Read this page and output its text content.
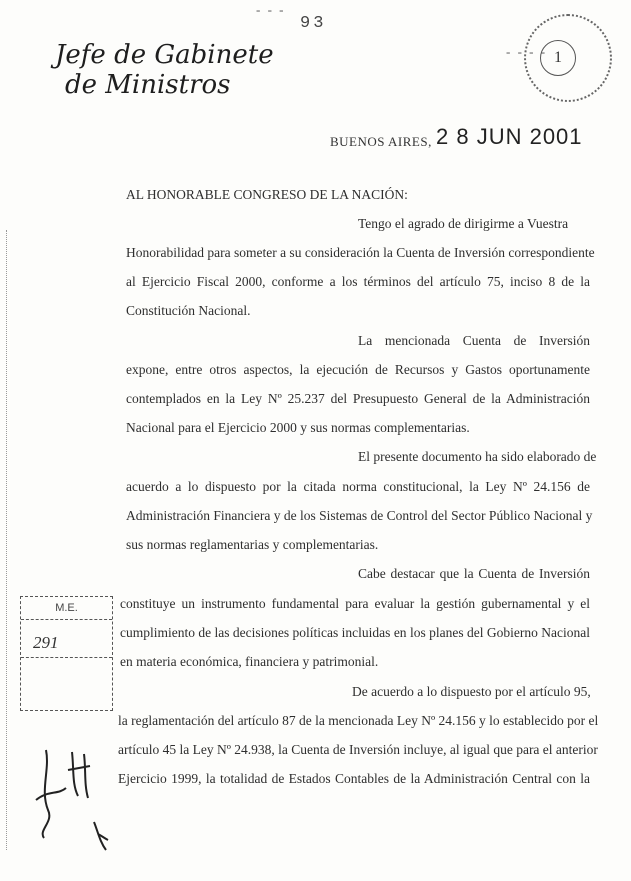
- - -
93
Jefe de Gabinete
de Ministros
- - - - 1
BUENOS AIRES, 2 8 JUN 2001
AL HONORABLE CONGRESO DE LA NACIÓN:
Tengo el agrado de dirigirme a Vuestra
Honorabilidad para someter a su consideración la Cuenta de Inversión correspondiente
al Ejercicio Fiscal 2000, conforme a los términos del artículo 75, inciso 8 de la
Constitución Nacional.
La mencionada Cuenta de Inversión
expone, entre otros aspectos, la ejecución de Recursos y Gastos oportunamente
contemplados en la Ley Nº 25.237 del Presupuesto General de la Administración
Nacional para el Ejercicio 2000 y sus normas complementarias.
El presente documento ha sido elaborado de
acuerdo a lo dispuesto por la citada norma constitucional, la Ley Nº 24.156 de
Administración Financiera y de los Sistemas de Control del Sector Público Nacional y
sus normas reglamentarias y complementarias.
Cabe destacar que la Cuenta de Inversión
constituye un instrumento fundamental para evaluar la gestión gubernamental y el
cumplimiento de las decisiones políticas incluidas en los planes del Gobierno Nacional
en materia económica, financiera y patrimonial.
De acuerdo a lo dispuesto por el artículo 95,
la reglamentación del artículo 87 de la mencionada Ley Nº 24.156 y lo establecido por el
artículo 45 la Ley Nº 24.938, la Cuenta de Inversión incluye, al igual que para el anterior
Ejercicio 1999, la totalidad de Estados Contables de la Administración Central con la
M.E.
291
